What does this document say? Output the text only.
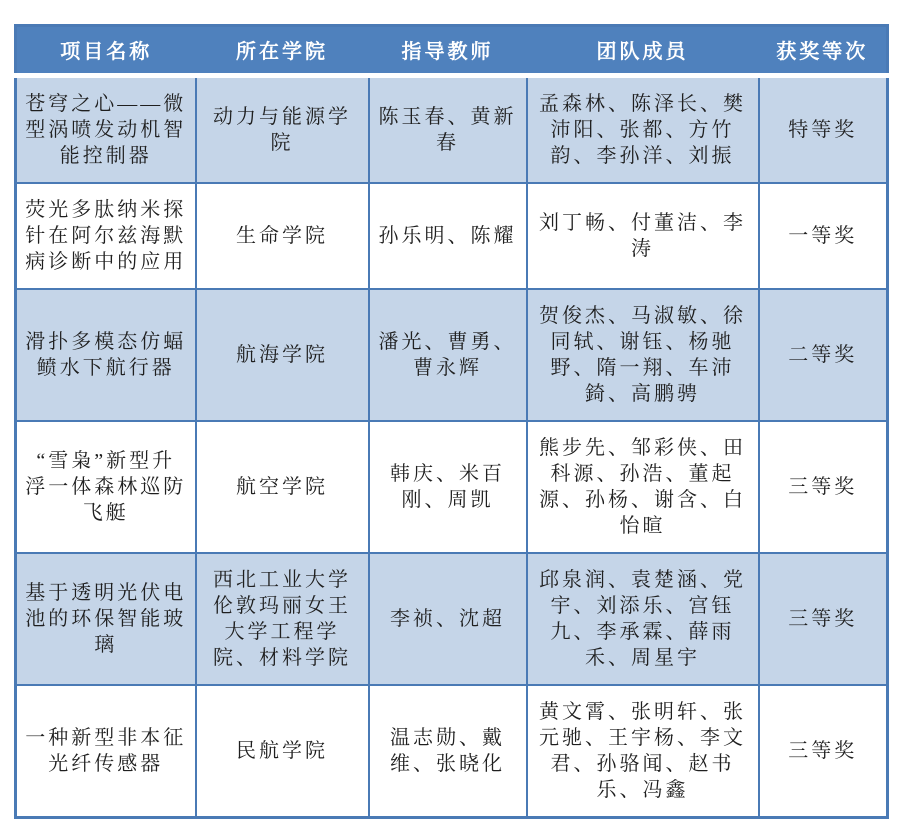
项目名称	所在学院	指导教师	团队成员	获奖等次
苍穹之心——微型涡喷发动机智能控制器	动力与能源学院	陈玉春、黄新春	孟森林、陈泽长、樊沛阳、张都、方竹韵、李孙洋、刘振	特等奖
荧光多肽纳米探针在阿尔兹海默病诊断中的应用	生命学院	孙乐明、陈耀	刘丁畅、付董洁、李涛	一等奖
滑扑多模态仿蝠鲼水下航行器	航海学院	潘光、曹勇、曹永辉	贺俊杰、马淑敏、徐同轼、谢钰、杨驰野、隋一翔、车沛錡、高鹏骋	二等奖
“雪枭”新型升浮一体森林巡防飞艇	航空学院	韩庆、米百刚、周凯	熊步先、邹彩侠、田科源、孙浩、董起源、孙杨、谢含、白怡暄	三等奖
基于透明光伏电池的环保智能玻璃	西北工业大学伦敦玛丽女王大学工程学院、材料学院	李祯、沈超	邱泉润、袁楚涵、党宇、刘添乐、宫钰九、李承霖、薛雨禾、周星宇	三等奖
一种新型非本征光纤传感器	民航学院	温志勋、戴维、张晓化	黄文霄、张明轩、张元驰、王宇杨、李文君、孙骆闻、赵书乐、冯鑫	三等奖
